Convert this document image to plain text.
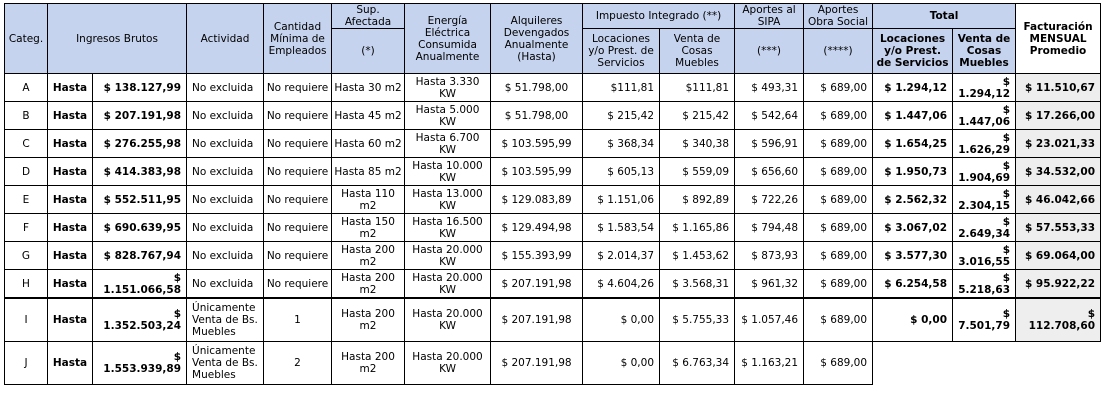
Categ.	Ingresos Brutos		Actividad	Cantidad Mínima de Empleados	Sup. Afectada	Energía Eléctrica Consumida Anualmente	Alquileres Devengados Anualmente (Hasta)	Impuesto Integrado (**)		Aportes al SIPA	Aportes Obra Social	Total		Facturación MENSUAL Promedio
					(*)			Locaciones y/o Prest. de Servicios	Venta de Cosas Muebles	(***)	(****)	Locaciones y/o Prest. de Servicios	Venta de Cosas Muebles	
A	Hasta	$ 138.127,99	No excluida	No requiere	Hasta 30 m2	Hasta 3.330 KW	$ 51.798,00	$111,81	$111,81	$ 493,31	$ 689,00	$ 1.294,12	$ 1.294,12	$ 11.510,67
B	Hasta	$ 207.191,98	No excluida	No requiere	Hasta 45 m2	Hasta 5.000 KW	$ 51.798,00	$ 215,42	$ 215,42	$ 542,64	$ 689,00	$ 1.447,06	$ 1.447,06	$ 17.266,00
C	Hasta	$ 276.255,98	No excluida	No requiere	Hasta 60 m2	Hasta 6.700 KW	$ 103.595,99	$ 368,34	$ 340,38	$ 596,91	$ 689,00	$ 1.654,25	$ 1.626,29	$ 23.021,33
D	Hasta	$ 414.383,98	No excluida	No requiere	Hasta 85 m2	Hasta 10.000 KW	$ 103.595,99	$ 605,13	$ 559,09	$ 656,60	$ 689,00	$ 1.950,73	$ 1.904,69	$ 34.532,00
E	Hasta	$ 552.511,95	No excluida	No requiere	Hasta 110 m2	Hasta 13.000 KW	$ 129.083,89	$ 1.151,06	$ 892,89	$ 722,26	$ 689,00	$ 2.562,32	$ 2.304,15	$ 46.042,66
F	Hasta	$ 690.639,95	No excluida	No requiere	Hasta 150 m2	Hasta 16.500 KW	$ 129.494,98	$ 1.583,54	$ 1.165,86	$ 794,48	$ 689,00	$ 3.067,02	$ 2.649,34	$ 57.553,33
G	Hasta	$ 828.767,94	No excluida	No requiere	Hasta 200 m2	Hasta 20.000 KW	$ 155.393,99	$ 2.014,37	$ 1.453,62	$ 873,93	$ 689,00	$ 3.577,30	$ 3.016,55	$ 69.064,00
H	Hasta	$ 1.151.066,58	No excluida	No requiere	Hasta 200 m2	Hasta 20.000 KW	$ 207.191,98	$ 4.604,26	$ 3.568,31	$ 961,32	$ 689,00	$ 6.254,58	$ 5.218,63	$ 95.922,22
I	Hasta	$ 1.352.503,24	Únicamente Venta de Bs. Muebles	1	Hasta 200 m2	Hasta 20.000 KW	$ 207.191,98	$ 0,00	$ 5.755,33	$ 1.057,46	$ 689,00	$ 0,00	$ 7.501,79	$ 112.708,60
J	Hasta	$ 1.553.939,89	Únicamente Venta de Bs. Muebles	2	Hasta 200 m2	Hasta 20.000 KW	$ 207.191,98	$ 0,00	$ 6.763,34	$ 1.163,21	$ 689,00			
